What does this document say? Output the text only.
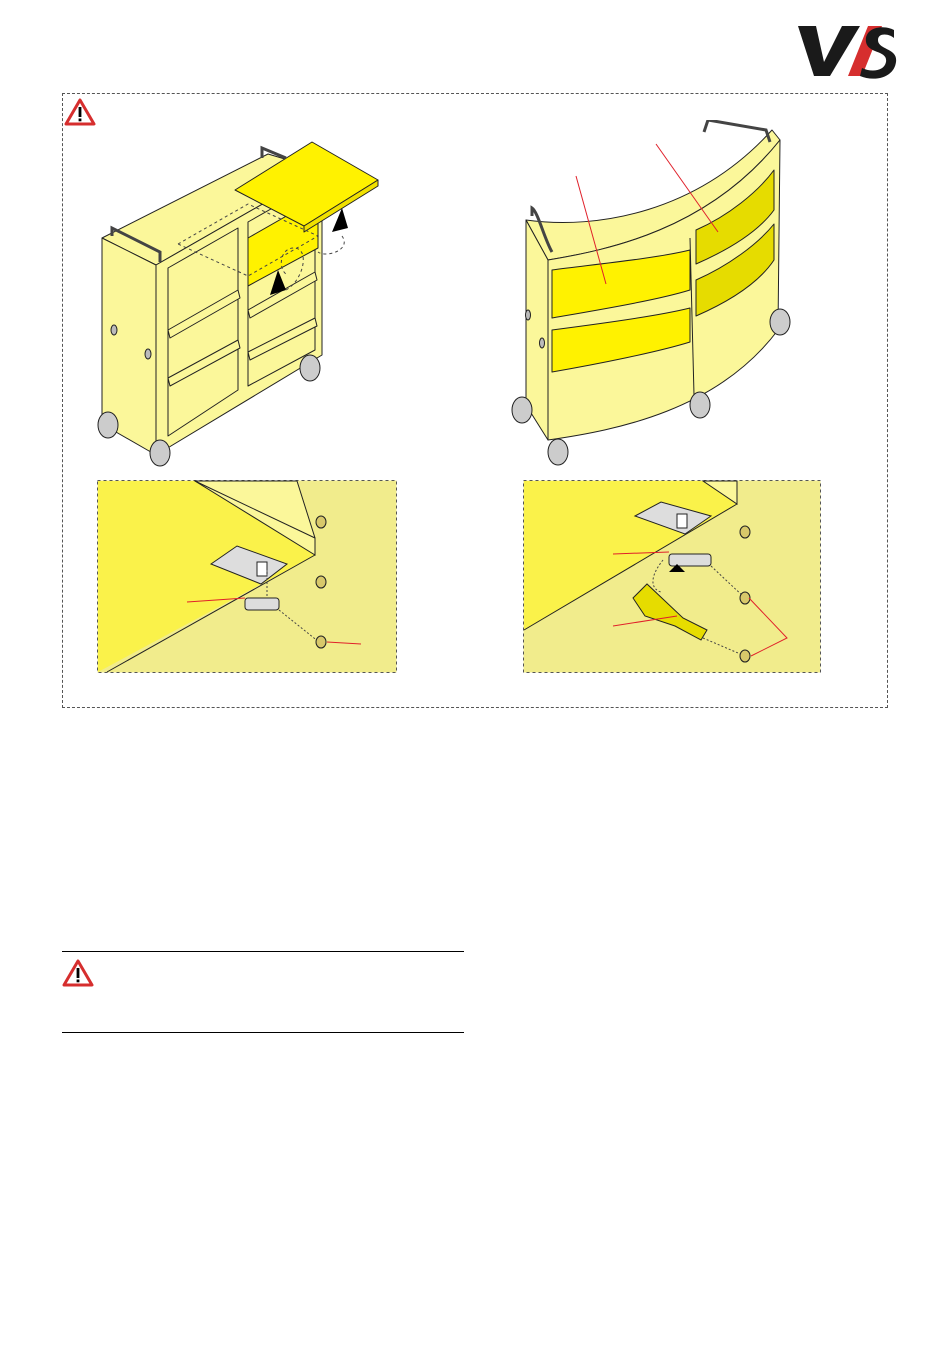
V/S
